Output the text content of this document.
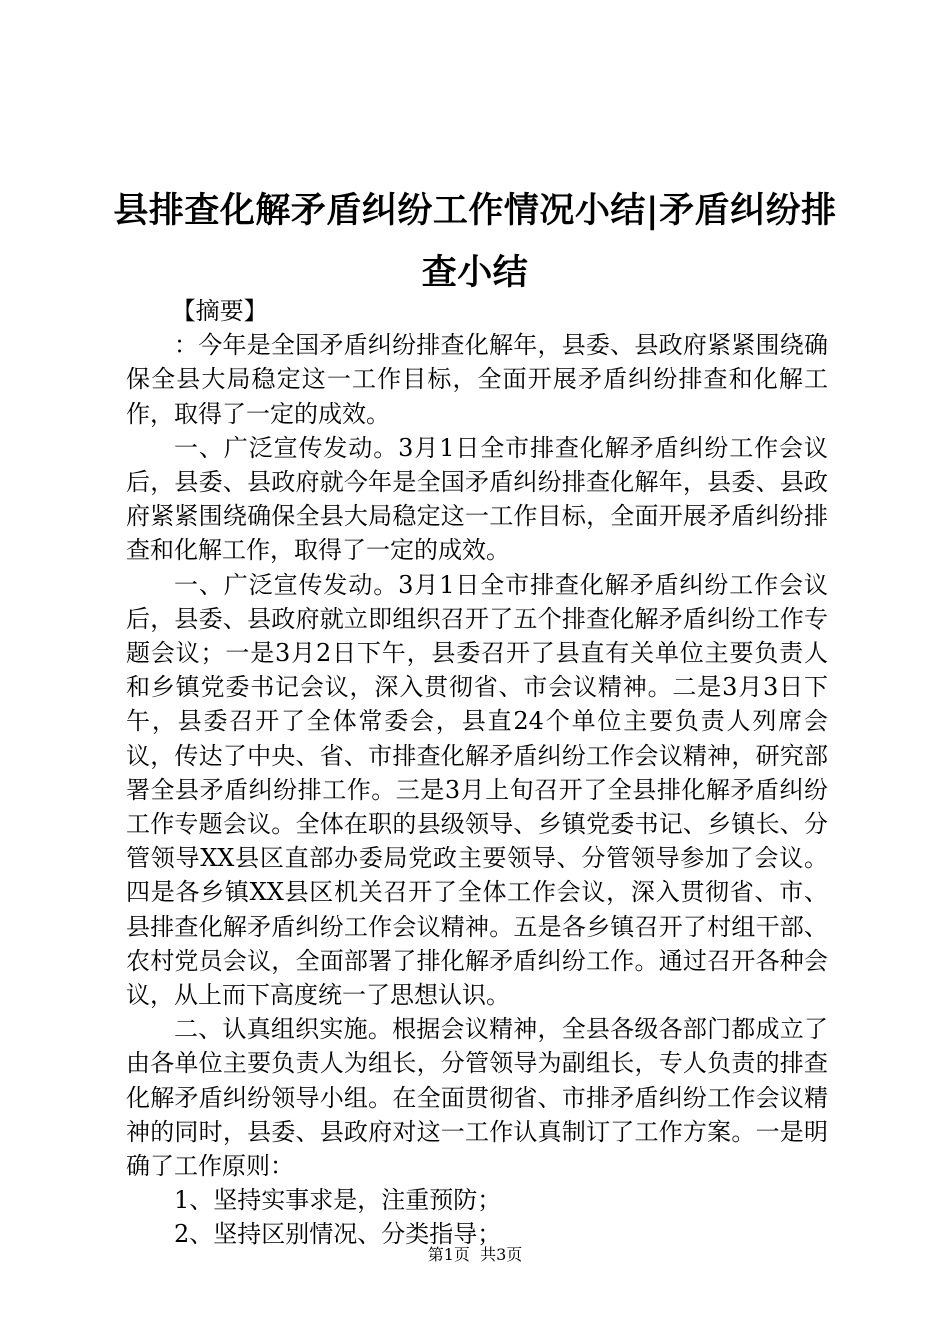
县排查化解矛盾纠纷工作情况小结|矛盾纠纷排查小结

【摘要】

：今年是全国矛盾纠纷排查化解年，县委、县政府紧紧围绕确保全县大局稳定这一工作目标，全面开展矛盾纠纷排查和化解工作，取得了一定的成效。

一、广泛宣传发动。3月1日全市排查化解矛盾纠纷工作会议后，县委、县政府就今年是全国矛盾纠纷排查化解年，县委、县政府紧紧围绕确保全县大局稳定这一工作目标，全面开展矛盾纠纷排查和化解工作，取得了一定的成效。

一、广泛宣传发动。3月1日全市排查化解矛盾纠纷工作会议后，县委、县政府就立即组织召开了五个排查化解矛盾纠纷工作专题会议；一是3月2日下午，县委召开了县直有关单位主要负责人和乡镇党委书记会议，深入贯彻省、市会议精神。二是3月3日下午，县委召开了全体常委会，县直24个单位主要负责人列席会议，传达了中央、省、市排查化解矛盾纠纷工作会议精神，研究部署全县矛盾纠纷排工作。三是3月上旬召开了全县排化解矛盾纠纷工作专题会议。全体在职的县级领导、乡镇党委书记、乡镇长、分管领导XX县区直部办委局党政主要领导、分管领导参加了会议。四是各乡镇XX县区机关召开了全体工作会议，深入贯彻省、市、县排查化解矛盾纠纷工作会议精神。五是各乡镇召开了村组干部、农村党员会议，全面部署了排化解矛盾纠纷工作。通过召开各种会议，从上而下高度统一了思想认识。

二、认真组织实施。根据会议精神，全县各级各部门都成立了由各单位主要负责人为组长，分管领导为副组长，专人负责的排查化解矛盾纠纷领导小组。在全面贯彻省、市排矛盾纠纷工作会议精神的同时，县委、县政府对这一工作认真制订了工作方案。一是明确了工作原则：

1、坚持实事求是，注重预防；

2、坚持区别情况、分类指导；

第1页  共3页
